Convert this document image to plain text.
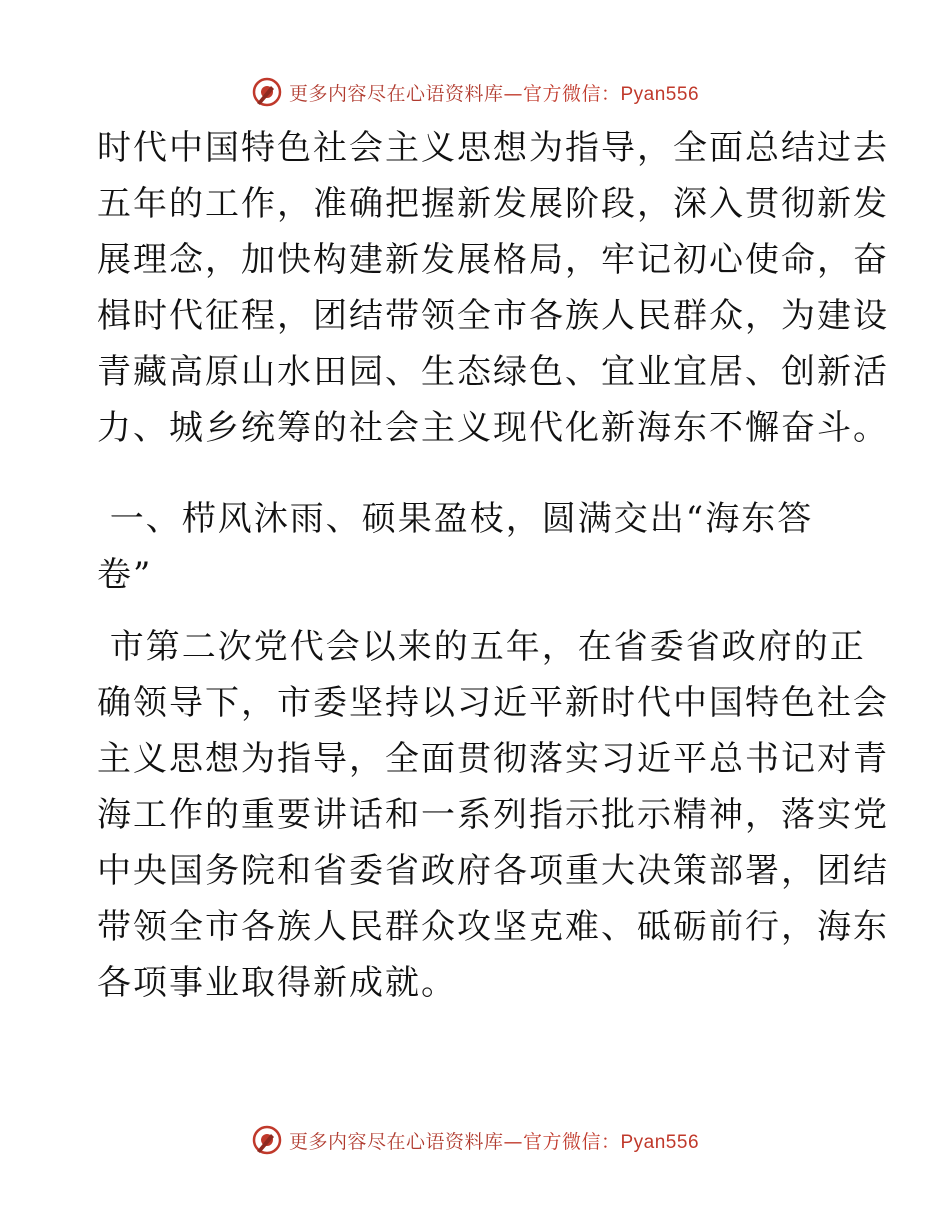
更多内容尽在心语资料库—官方微信：Pyan556
时代中国特色社会主义思想为指导，全面总结过去
五年的工作，准确把握新发展阶段，深入贯彻新发
展理念，加快构建新发展格局，牢记初心使命，奋
楫时代征程，团结带领全市各族人民群众，为建设
青藏高原山水田园、生态绿色、宜业宜居、创新活
力、城乡统筹的社会主义现代化新海东不懈奋斗。
一、栉风沐雨、硕果盈枝，圆满交出“海东答
卷”
市第二次党代会以来的五年，在省委省政府的正
确领导下，市委坚持以习近平新时代中国特色社会
主义思想为指导，全面贯彻落实习近平总书记对青
海工作的重要讲话和一系列指示批示精神，落实党
中央国务院和省委省政府各项重大决策部署，团结
带领全市各族人民群众攻坚克难、砥砺前行，海东
各项事业取得新成就。
更多内容尽在心语资料库—官方微信：Pyan556
